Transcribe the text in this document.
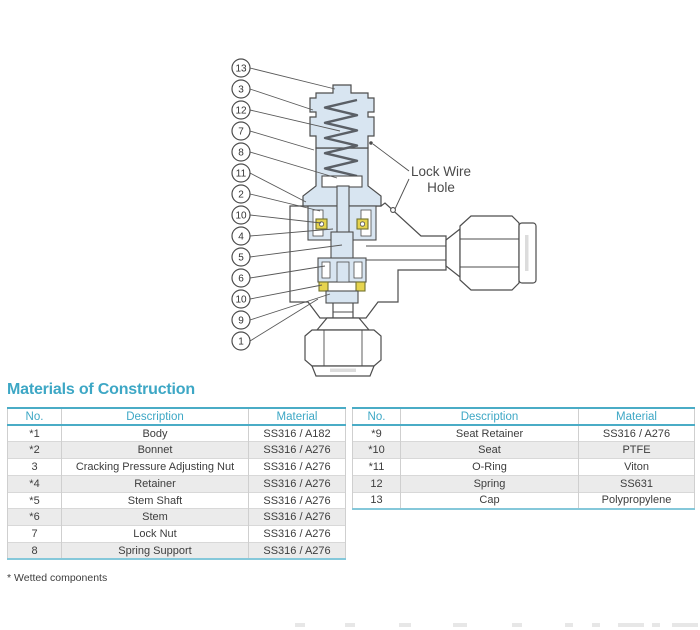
Lock Wire
Hole
13
3
12
7
8
11
2
10
4
5
6
10
9
1
Materials of Construction
No.	Description	Material
*1	Body	SS316 / A182
*2	Bonnet	SS316 / A276
3	Cracking Pressure Adjusting Nut	SS316 / A276
*4	Retainer	SS316 / A276
*5	Stem Shaft	SS316 / A276
*6	Stem	SS316 / A276
7	Lock Nut	SS316 / A276
8	Spring Support	SS316 / A276
No.	Description	Material
*9	Seat Retainer	SS316 / A276
*10	Seat	PTFE
*11	O-Ring	Viton
12	Spring	SS631
13	Cap	Polypropylene
* Wetted components
